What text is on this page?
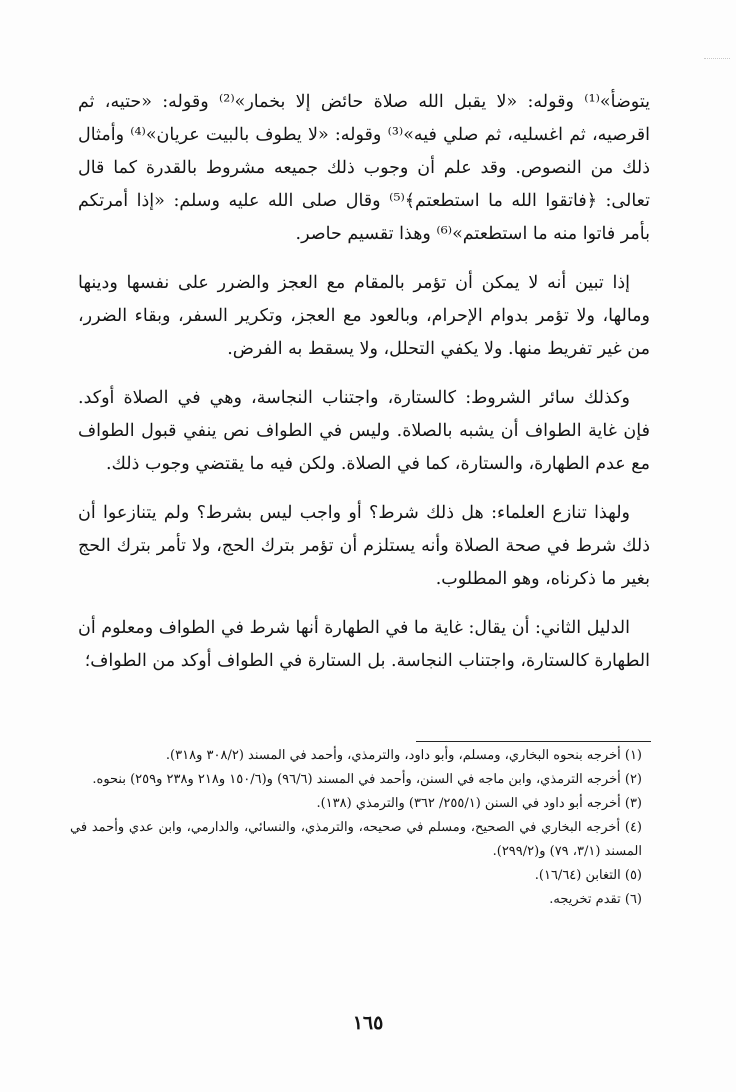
يتوضأ»⁽¹⁾ وقوله: «لا يقبل الله صلاة حائض إلا بخمار»⁽²⁾ وقوله: «حتيه، ثم اقرصيه، ثم اغسليه، ثم صلي فيه»⁽³⁾ وقوله: «لا يطوف بالبيت عريان»⁽⁴⁾ وأمثال ذلك من النصوص. وقد علم أن وجوب ذلك جميعه مشروط بالقدرة كما قال تعالى: ﴿فاتقوا الله ما استطعتم﴾⁽⁵⁾ وقال صلى الله عليه وسلم: «إذا أمرتكم بأمر فاتوا منه ما استطعتم»⁽⁶⁾ وهذا تقسيم حاصر.

إذا تبين أنه لا يمكن أن تؤمر بالمقام مع العجز والضرر على نفسها ودينها ومالها، ولا تؤمر بدوام الإحرام، وبالعود مع العجز، وتكرير السفر، وبقاء الضرر، من غير تفريط منها. ولا يكفي التحلل، ولا يسقط به الفرض.

وكذلك سائر الشروط: كالستارة، واجتناب النجاسة، وهي في الصلاة أوكد. فإن غاية الطواف أن يشبه بالصلاة. وليس في الطواف نص ينفي قبول الطواف مع عدم الطهارة، والستارة، كما في الصلاة. ولكن فيه ما يقتضي وجوب ذلك.

ولهذا تنازع العلماء: هل ذلك شرط؟ أو واجب ليس بشرط؟ ولم يتنازعوا أن ذلك شرط في صحة الصلاة وأنه يستلزم أن تؤمر بترك الحج، ولا تأمر بترك الحج بغير ما ذكرناه، وهو المطلوب.

الدليل الثاني: أن يقال: غاية ما في الطهارة أنها شرط في الطواف ومعلوم أن الطهارة كالستارة، واجتناب النجاسة. بل الستارة في الطواف أوكد من الطواف؛

(١) أخرجه بنحوه البخاري، ومسلم، وأبو داود، والترمذي، وأحمد في المسند (٣٠٨/٢ و٣١٨).
(٢) أخرجه الترمذي، وابن ماجه في السنن، وأحمد في المسند (٩٦/٦) و(١٥٠/٦ و٢١٨ و٢٣٨ و٢٥٩) بنحوه.
(٣) أخرجه أبو داود في السنن (٢٥٥/١/ ٣٦٢) والترمذي (١٣٨).
(٤) أخرجه البخاري في الصحيح، ومسلم في صحيحه، والترمذي، والنسائي، والدارمي، وابن عدي وأحمد في المسند (٣/١، ٧٩) و(٢٩٩/٢).
(٥) التغابن (١٦/٦٤).
(٦) تقدم تخريجه.
١٦٥
